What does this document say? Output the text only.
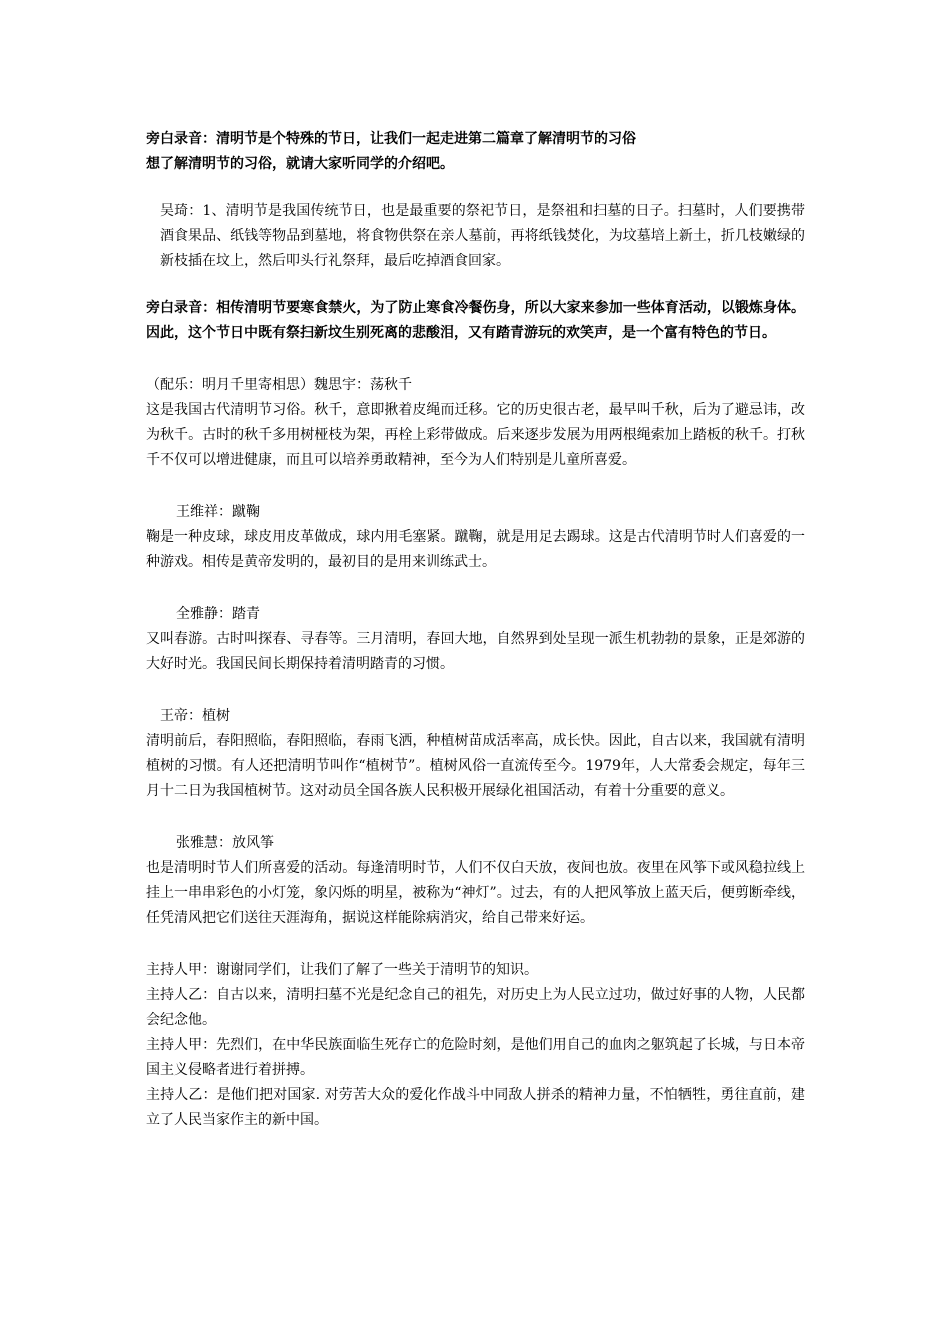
旁白录音：清明节是个特殊的节日，让我们一起走进第二篇章了解清明节的习俗

想了解清明节的习俗，就请大家听同学的介绍吧。

吴琦：1、清明节是我国传统节日，也是最重要的祭祀节日，是祭祖和扫墓的日子。扫墓时，人们要携带酒食果品、纸钱等物品到墓地，将食物供祭在亲人墓前，再将纸钱焚化，为坟墓培上新土，折几枝嫩绿的新枝插在坟上，然后叩头行礼祭拜，最后吃掉酒食回家。

旁白录音：相传清明节要寒食禁火，为了防止寒食冷餐伤身，所以大家来参加一些体育活动，以锻炼身体。因此，这个节日中既有祭扫新坟生别死离的悲酸泪，又有踏青游玩的欢笑声，是一个富有特色的节日。

（配乐：明月千里寄相思）魏思宇：荡秋千

这是我国古代清明节习俗。秋千，意即揪着皮绳而迁移。它的历史很古老，最早叫千秋，后为了避忌讳，改为秋千。古时的秋千多用树桠枝为架，再栓上彩带做成。后来逐步发展为用两根绳索加上踏板的秋千。打秋千不仅可以增进健康，而且可以培养勇敢精神，至今为人们特别是儿童所喜爱。

王维祥：蹴鞠

鞠是一种皮球，球皮用皮革做成，球内用毛塞紧。蹴鞠，就是用足去踢球。这是古代清明节时人们喜爱的一种游戏。相传是黄帝发明的，最初目的是用来训练武士。

全雅静：踏青

又叫春游。古时叫探春、寻春等。三月清明，春回大地，自然界到处呈现一派生机勃勃的景象，正是郊游的大好时光。我国民间长期保持着清明踏青的习惯。

王帝：植树

清明前后，春阳照临，春阳照临，春雨飞洒，种植树苗成活率高，成长快。因此，自古以来，我国就有清明植树的习惯。有人还把清明节叫作“植树节”。植树风俗一直流传至今。1979年，人大常委会规定，每年三月十二日为我国植树节。这对动员全国各族人民积极开展绿化祖国活动，有着十分重要的意义。

张雅慧：放风筝

也是清明时节人们所喜爱的活动。每逢清明时节，人们不仅白天放，夜间也放。夜里在风筝下或风稳拉线上挂上一串串彩色的小灯笼，象闪烁的明星，被称为“神灯”。过去，有的人把风筝放上蓝天后，便剪断牵线，任凭清风把它们送往天涯海角，据说这样能除病消灾，给自己带来好运。

主持人甲：谢谢同学们，让我们了解了一些关于清明节的知识。

主持人乙：自古以来，清明扫墓不光是纪念自己的祖先，对历史上为人民立过功，做过好事的人物，人民都会纪念他。

主持人甲：先烈们，在中华民族面临生死存亡的危险时刻，是他们用自己的血肉之躯筑起了长城，与日本帝国主义侵略者进行着拼搏。

主持人乙：是他们把对国家. 对劳苦大众的爱化作战斗中同敌人拼杀的精神力量，不怕牺牲，勇往直前，建立了人民当家作主的新中国。
